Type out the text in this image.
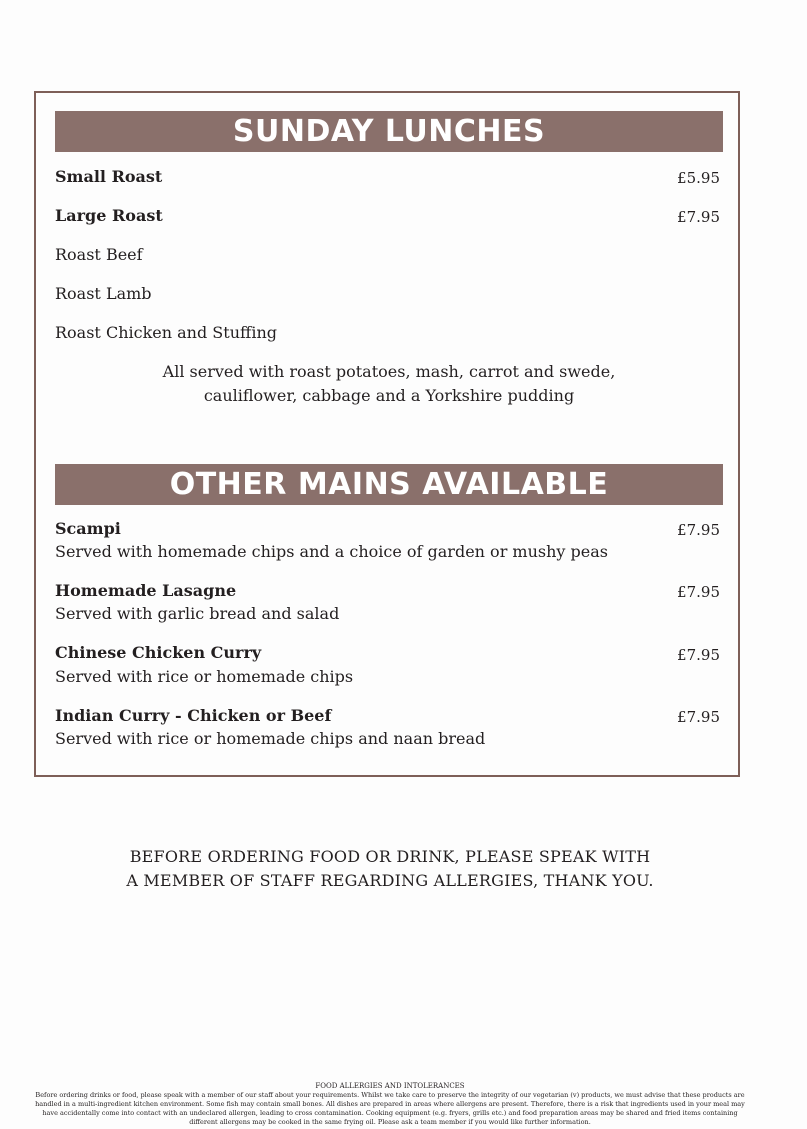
SUNDAY LUNCHES
Small Roast	£5.95
Large Roast	£7.95
Roast Beef
Roast Lamb
Roast Chicken and Stuffing
All served with roast potatoes, mash, carrot and swede,
cauliflower, cabbage and a Yorkshire pudding
OTHER MAINS AVAILABLE
Scampi	£7.95
Served with homemade chips and a choice of garden or mushy peas
Homemade Lasagne	£7.95
Served with garlic bread and salad
Chinese Chicken Curry	£7.95
Served with rice or homemade chips
Indian Curry - Chicken or Beef	£7.95
Served with rice or homemade chips and naan bread
BEFORE ORDERING FOOD OR DRINK, PLEASE SPEAK WITH
A MEMBER OF STAFF REGARDING ALLERGIES, THANK YOU.
FOOD ALLERGIES AND INTOLERANCES
Before ordering drinks or food, please speak with a member of our staff about your requirements. Whilst we take care to preserve the integrity of our vegetarian (v) products, we must advise that these products are handled in a multi-ingredient kitchen environment. Some fish may contain small bones. All dishes are prepared in areas where allergens are present. Therefore, there is a risk that ingredients used in your meal may have accidentally come into contact with an undeclared allergen, leading to cross contamination. Cooking equipment (e.g. fryers, grills etc.) and food preparation areas may be shared and fried items containing different allergens may be cooked in the same frying oil. Please ask a team member if you would like further information.
